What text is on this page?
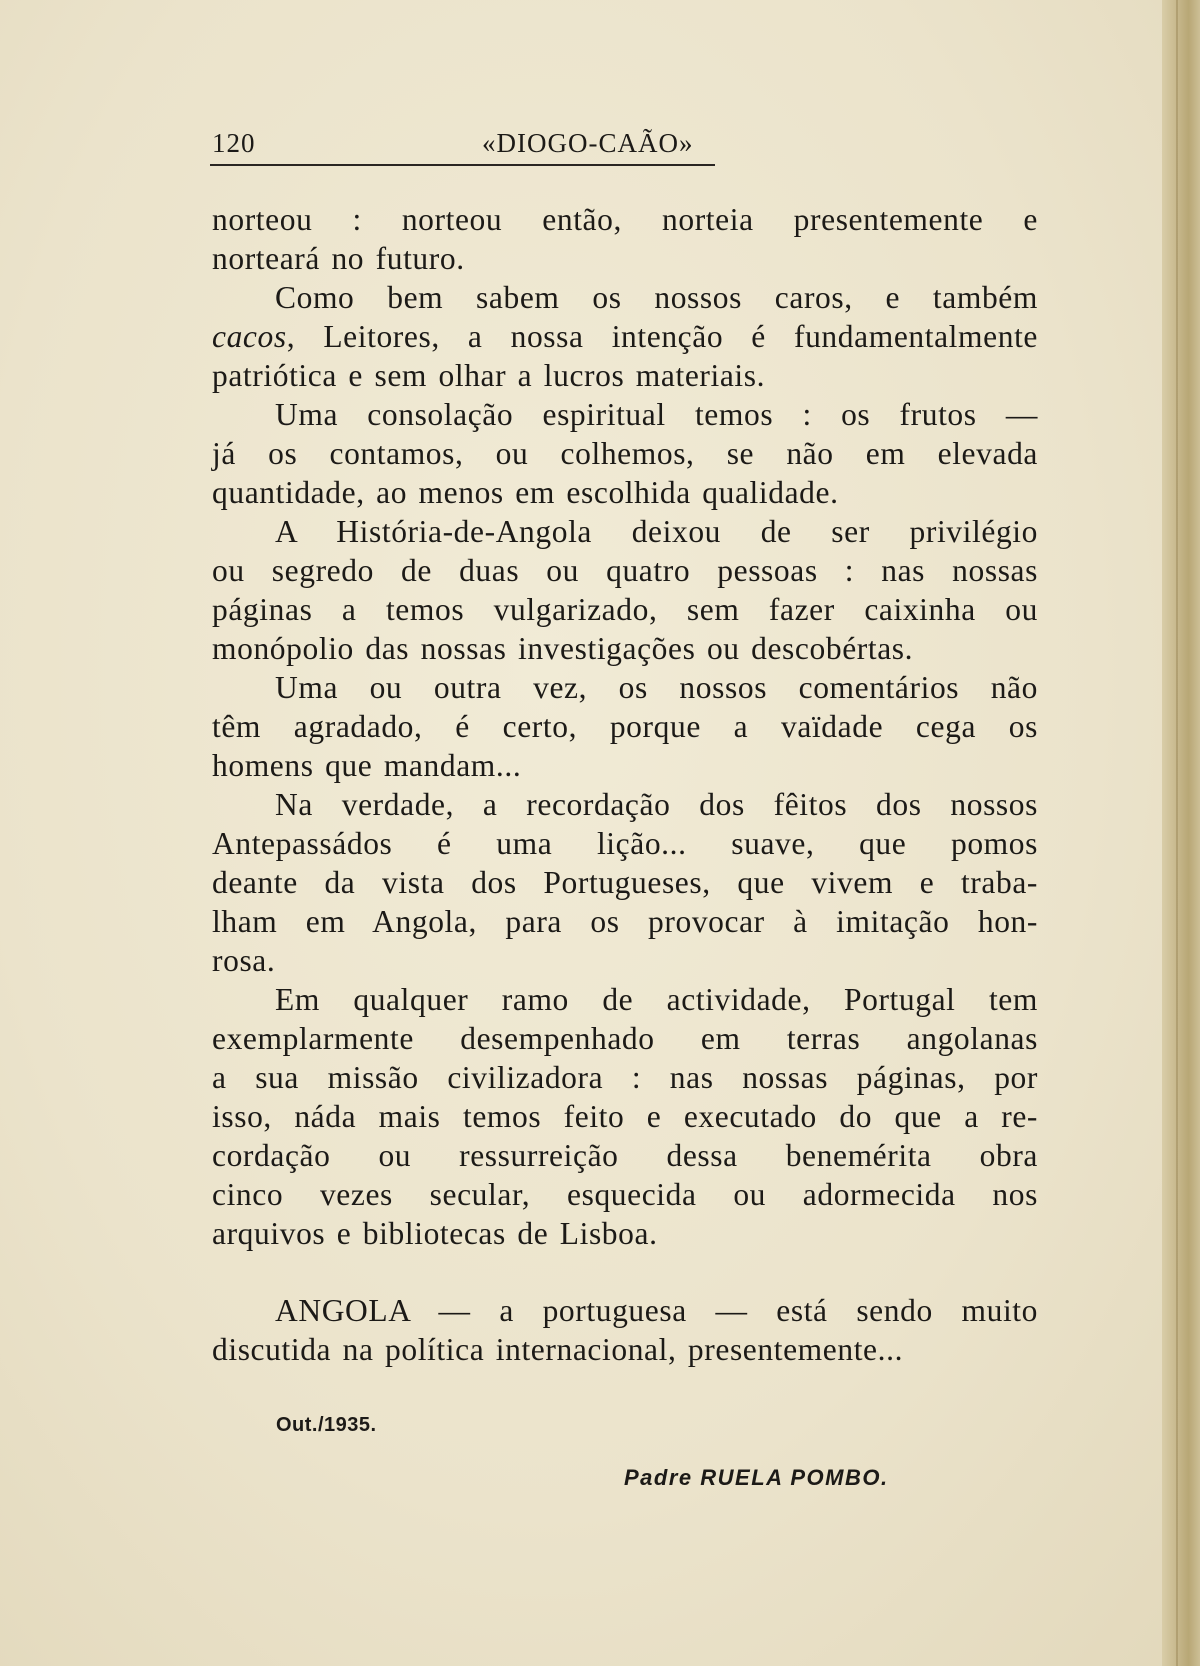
120	«DIOGO-CAÃO»
norteou : norteou então, norteia presentemente e
norteará no futuro.
Como bem sabem os nossos caros, e também
cacos, Leitores, a nossa intenção é fundamentalmente
patriótica e sem olhar a lucros materiais.
Uma consolação espiritual temos : os frutos —
já os contamos, ou colhemos, se não em elevada
quantidade, ao menos em escolhida qualidade.
A História-de-Angola deixou de ser privilégio
ou segredo de duas ou quatro pessoas : nas nossas
páginas a temos vulgarizado, sem fazer caixinha ou
monópolio das nossas investigações ou descobértas.
Uma ou outra vez, os nossos comentários não
têm agradado, é certo, porque a vaïdade cega os
homens que mandam...
Na verdade, a recordação dos fêitos dos nossos
Antepassádos é uma lição... suave, que pomos
deante da vista dos Portugueses, que vivem e traba-
lham em Angola, para os provocar à imitação hon-
rosa.
Em qualquer ramo de actividade, Portugal tem
exemplarmente desempenhado em terras angolanas
a sua missão civilizadora : nas nossas páginas, por
isso, náda mais temos feito e executado do que a re-
cordação ou ressurreição dessa benemérita obra
cinco vezes secular, esquecida ou adormecida nos
arquivos e bibliotecas de Lisboa.
ANGOLA — a portuguesa — está sendo muito
discutida na política internacional, presentemente...
Out./1935.
Padre RUELA POMBO.
